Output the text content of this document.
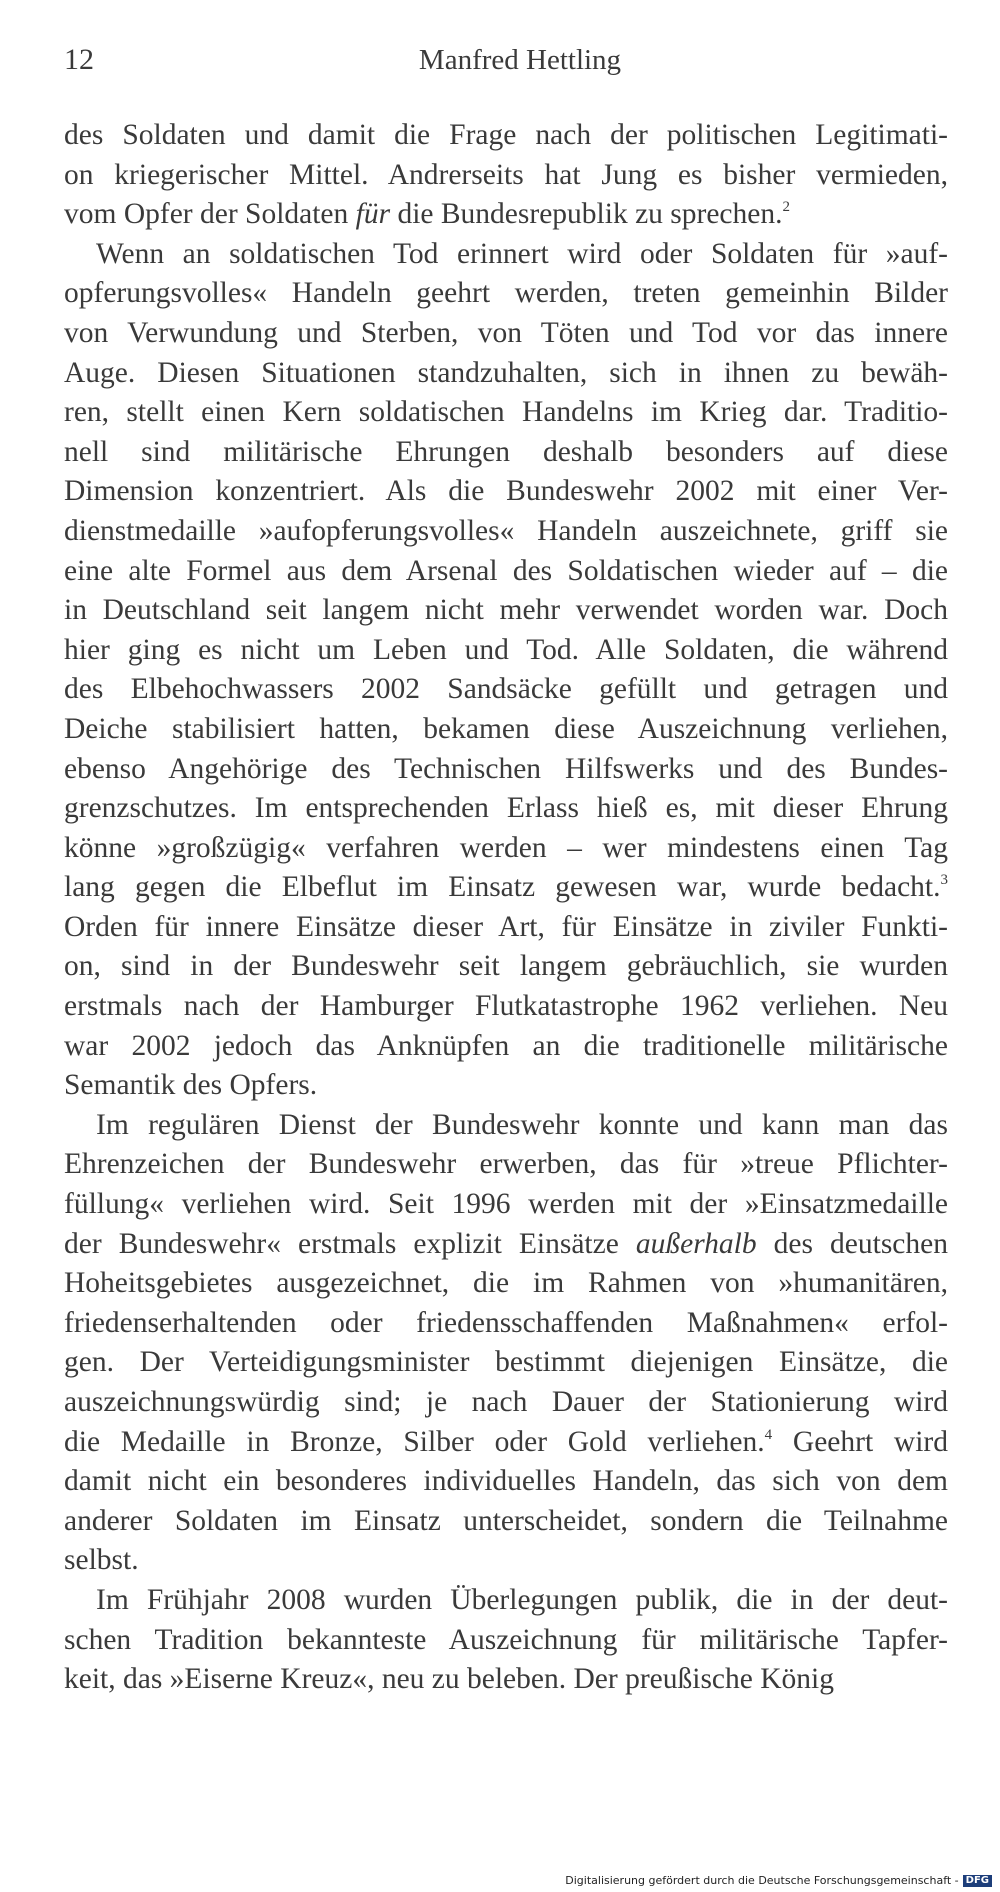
12	Manfred Hettling
des Soldaten und damit die Frage nach der politischen Legitimati-
on kriegerischer Mittel. Andrerseits hat Jung es bisher vermieden,
vom Opfer der Soldaten für die Bundesrepublik zu sprechen.$^2$
Wenn an soldatischen Tod erinnert wird oder Soldaten für »auf-
opferungsvolles« Handeln geehrt werden, treten gemeinhin Bilder
von Verwundung und Sterben, von Töten und Tod vor das innere
Auge. Diesen Situationen standzuhalten, sich in ihnen zu bewäh-
ren, stellt einen Kern soldatischen Handelns im Krieg dar. Traditio-
nell sind militärische Ehrungen deshalb besonders auf diese
Dimension konzentriert. Als die Bundeswehr 2002 mit einer Ver-
dienstmedaille »aufopferungsvolles« Handeln auszeichnete, griff sie
eine alte Formel aus dem Arsenal des Soldatischen wieder auf – die
in Deutschland seit langem nicht mehr verwendet worden war. Doch
hier ging es nicht um Leben und Tod. Alle Soldaten, die während
des Elbehochwassers 2002 Sandsäcke gefüllt und getragen und
Deiche stabilisiert hatten, bekamen diese Auszeichnung verliehen,
ebenso Angehörige des Technischen Hilfswerks und des Bundes-
grenzschutzes. Im entsprechenden Erlass hieß es, mit dieser Ehrung
könne »großzügig« verfahren werden – wer mindestens einen Tag
lang gegen die Elbeflut im Einsatz gewesen war, wurde bedacht.$^3$
Orden für innere Einsätze dieser Art, für Einsätze in ziviler Funkti-
on, sind in der Bundeswehr seit langem gebräuchlich, sie wurden
erstmals nach der Hamburger Flutkatastrophe 1962 verliehen. Neu
war 2002 jedoch das Anknüpfen an die traditionelle militärische
Semantik des Opfers.
Im regulären Dienst der Bundeswehr konnte und kann man das
Ehrenzeichen der Bundeswehr erwerben, das für »treue Pflichter-
füllung« verliehen wird. Seit 1996 werden mit der »Einsatzmedaille
der Bundeswehr« erstmals explizit Einsätze außerhalb des deutschen
Hoheitsgebietes ausgezeichnet, die im Rahmen von »humanitären,
friedenserhaltenden oder friedensschaffenden Maßnahmen« erfol-
gen. Der Verteidigungsminister bestimmt diejenigen Einsätze, die
auszeichnungswürdig sind; je nach Dauer der Stationierung wird
die Medaille in Bronze, Silber oder Gold verliehen.$^4$ Geehrt wird
damit nicht ein besonderes individuelles Handeln, das sich von dem
anderer Soldaten im Einsatz unterscheidet, sondern die Teilnahme
selbst.
Im Frühjahr 2008 wurden Überlegungen publik, die in der deut-
schen Tradition bekannteste Auszeichnung für militärische Tapfer-
keit, das »Eiserne Kreuz«, neu zu beleben. Der preußische König
Digitalisierung gefördert durch die Deutsche Forschungsgemeinschaft - DFG
